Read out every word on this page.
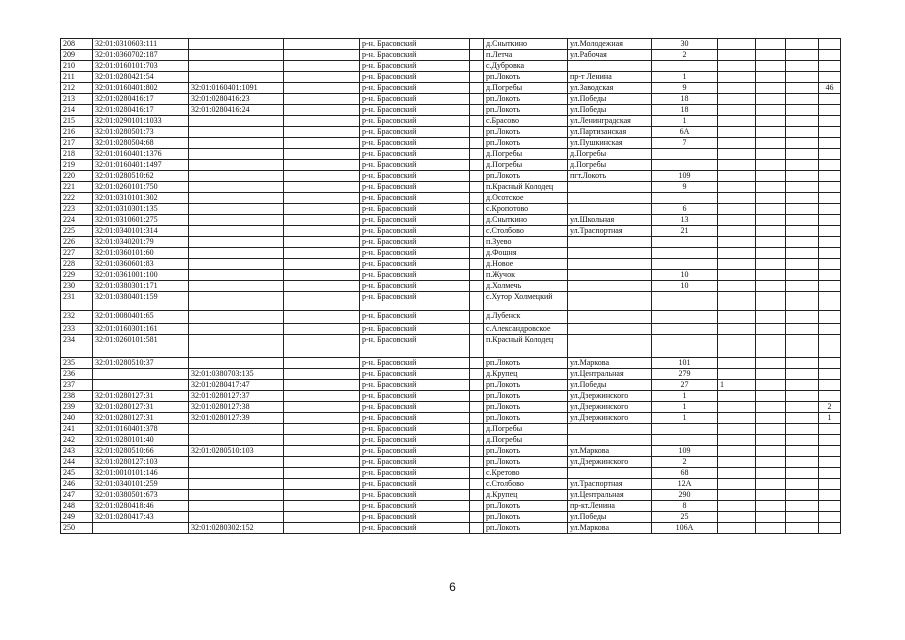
208	32:01:0310603:111			р-н. Брасовский		д.Сныткино	ул.Молодежная	30				
209	32:01:0360702:187			р-н. Брасовский		п.Летча	ул.Рабочая	2				
210	32:01:0160101:703			р-н. Брасовский		с.Дубровка						
211	32:01:0280421:54			р-н. Брасовский		рп.Локоть	пр-т Ленина	1				
212	32:01:0160401:802	32:01:0160401:1091		р-н. Брасовский		д.Погребы	ул.Заводская	9				46
213	32:01:0280416:17	32:01:0280416:23		р-н. Брасовский		рп.Локоть	ул.Победы	18				
214	32:01:0280416:17	32:01:0280416:24		р-н. Брасовский		рп.Локоть	ул.Победы	18				
215	32:01:0290101:1033			р-н. Брасовский		с.Брасово	ул.Ленинградская	1				
216	32:01:0280501:73			р-н. Брасовский		рп.Локоть	ул.Партизанская	6А				
217	32:01:0280504:68			р-н. Брасовский		рп.Локоть	ул.Пушкинская	7				
218	32:01:0160401:1376			р-н. Брасовский		д.Погребы	д.Погребы					
219	32:01:0160401:1497			р-н. Брасовский		д.Погребы	д.Погребы					
220	32:01:0280510:62			р-н. Брасовский		рп.Локоть	пгт.Локоть	109				
221	32:01:0260101:750			р-н. Брасовский		п.Красный Колодец		9				
222	32:01:0310101:302			р-н. Брасовский		д.Осотское						
223	32:01:0310301:135			р-н. Брасовский		с.Кропотово		6				
224	32:01:0310601:275			р-н. Брасовский		д.Сныткино	ул.Школьная	13				
225	32:01:0340101:314			р-н. Брасовский		с.Столбово	ул.Траспортная	21				
226	32:01:0340201:79			р-н. Брасовский		п.Зуево						
227	32:01:0360101:60			р-н. Брасовский		д.Фошня						
228	32:01:0360601:83			р-н. Брасовский		д.Новое						
229	32:01:0361001:100			р-н. Брасовский		п.Жучок		10				
230	32:01:0380301:171			р-н. Брасовский		д.Холмечь		10				
231	32:01:0380401:159			р-н. Брасовский		с.Хутор Холмецкий						
232	32:01:0080401:65			р-н. Брасовский		д.Лубенск						
233	32:01:0160301:161			р-н. Брасовский		с.Александровское						
234	32:01:0260101:581			р-н. Брасовский		п.Красный Колодец						
235	32:01:0280510:37			р-н. Брасовский		рп.Локоть	ул.Маркова	101				
236		32:01:0380703:135		р-н. Брасовский		д.Крупец	ул.Центральная	279				
237		32:01:0280417:47		р-н. Брасовский		рп.Локоть	ул.Победы	27	1			
238	32:01:0280127:31	32:01:0280127:37		р-н. Брасовский		рп.Локоть	ул.Дзержинского	1				
239	32:01:0280127:31	32:01:0280127:38		р-н. Брасовский		рп.Локоть	ул.Дзержинского	1				2
240	32:01:0280127:31	32:01:0280127:39		р-н. Брасовский		рп.Локоть	ул.Дзержинского	1				1
241	32:01:0160401:378			р-н. Брасовский		д.Погребы						
242	32:01:0280101:40			р-н. Брасовский		д.Погребы						
243	32:01:0280510:66	32:01:0280510:103		р-н. Брасовский		рп.Локоть	ул.Маркова	109				
244	32:01:0280127:103			р-н. Брасовский		рп.Локоть	ул.Дзержинского	2				
245	32:01:0010101:146			р-н. Брасовский		с.Кретово		68				
246	32:01:0340101:259			р-н. Брасовский		с.Столбово	ул.Траспортная	12А				
247	32:01:0380501:673			р-н. Брасовский		д.Крупец	ул.Центральная	290				
248	32:01:0280418:46			р-н. Брасовский		рп.Локоть	пр-кт.Ленина	8				
249	32:01:0280417:43			р-н. Брасовский		рп.Локоть	ул.Победы	25				
250		32:01:0280302:152		р-н. Брасовский		рп.Локоть	ул.Маркова	106А				
6
